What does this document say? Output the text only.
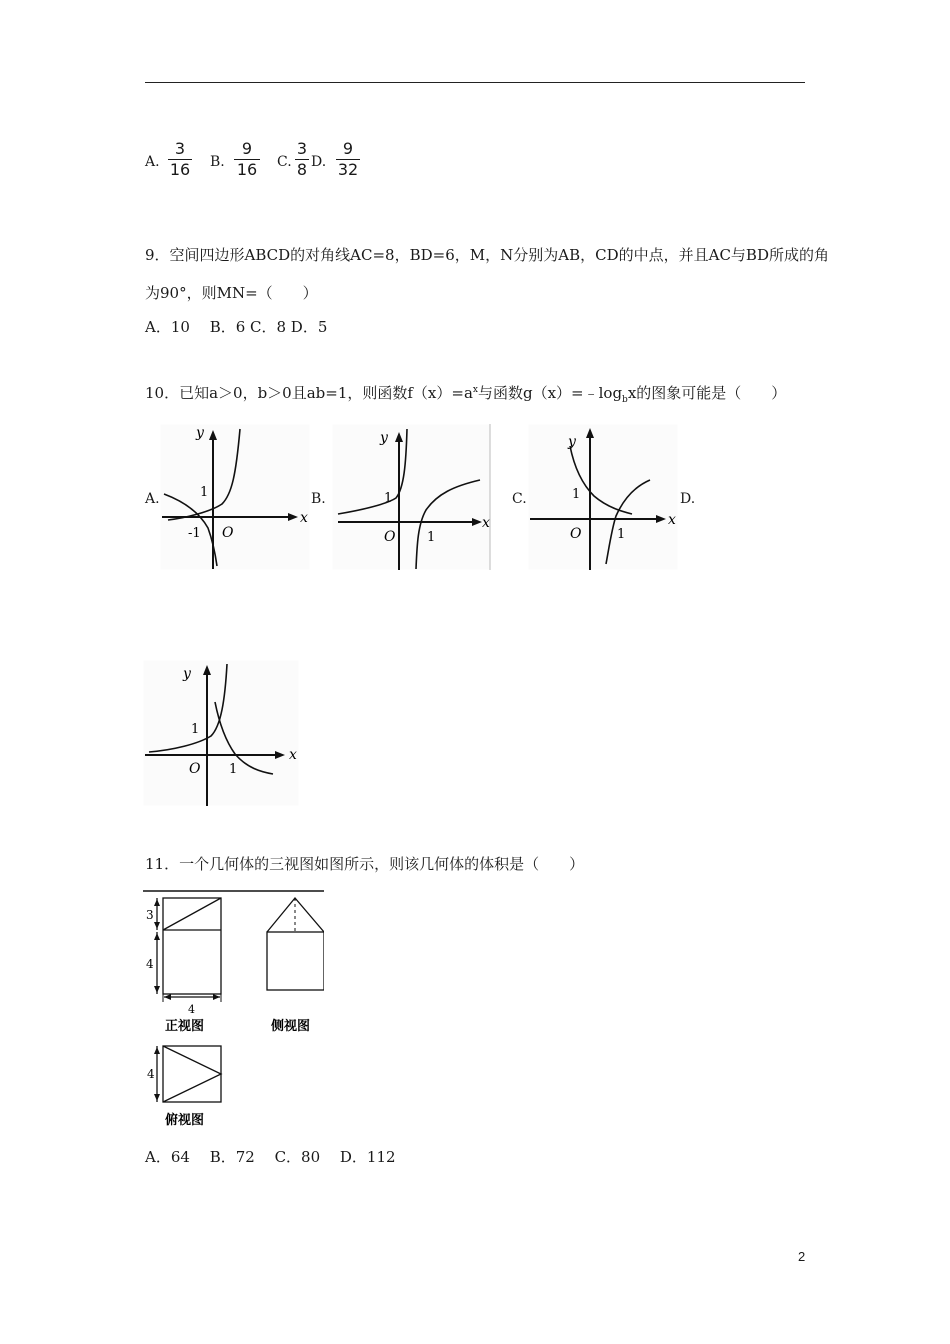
A.
3
16 B.
9
16 C.
3
8 D.
9
32
9．空间四边形ABCD的对角线AC=8，BD=6，M，N分别为AB，CD的中点，并且AC与BD所成的角
为90°，则MN=（　　）
A．10　 B．6 C．8 D．5
10．已知a＞0，b＞0且ab=1，则函数$f(x)=a^x$与函数$g(x)=﹣\log_bx$的图象可能是（　　）
A.	B.	C.	D.
y
x
1
-1 O
y
x
1
O 1
y
x
1
O	1
y
x
1
O 1
11．一个几何体的三视图如图所示，则该几何体的体积是（　　）
3
4
4
正视图	侧视图
4
俯视图
A．64　 B．72　 C．80　 D．112
2
